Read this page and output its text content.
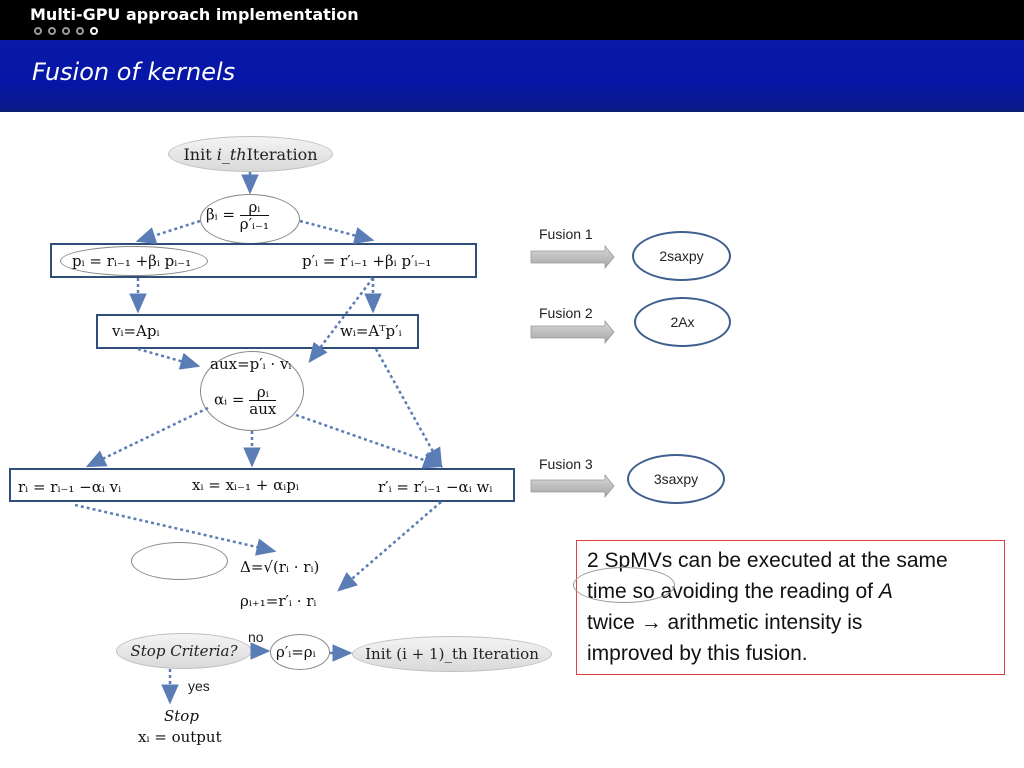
Multi-GPU approach implementation
Fusion of kernels
Init
i_th Iteration
βᵢ = $\frac{\text{ρᵢ}}{\text{ρ′ᵢ₋₁}}$
pᵢ = rᵢ₋₁ +βᵢ pᵢ₋₁	p′ᵢ = r′ᵢ₋₁ +βᵢ p′ᵢ₋₁
vᵢ=Apᵢ	wᵢ=Aᵀp′ᵢ
aux=p′ᵢ · vᵢ
αᵢ = $\frac{\text{ρᵢ}}{\text{aux}}$
rᵢ = rᵢ₋₁ −αᵢ vᵢ	xᵢ = xᵢ₋₁ + αᵢpᵢ	r′ᵢ = r′ᵢ₋₁ −αᵢ wᵢ
Δ=√(rᵢ · rᵢ)
ρᵢ₊₁=r′ᵢ · rᵢ
Stop Criteria?
no
ρ′ᵢ=ρᵢ	Init (i + 1)_th Iteration
yes
Stop
xᵢ = output
Fusion 1
2saxpy
Fusion 2
2Ax
Fusion 3
3saxpy
2 SpMVs can be executed at the same
time so avoiding the reading of A
twice → arithmetic intensity is
improved by this fusion.
